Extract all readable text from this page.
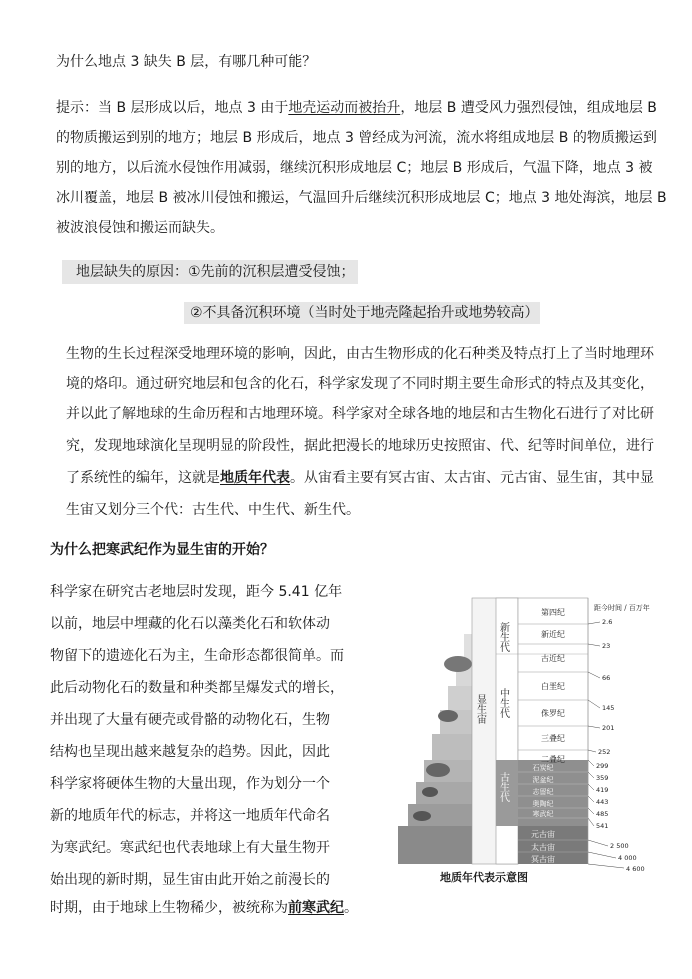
为什么地点 3 缺失 B 层，有哪几种可能？
提示：当 B 层形成以后，地点 3 由于地壳运动而被抬升，地层 B 遭受风力强烈侵蚀，组成地层 B
的物质搬运到别的地方；地层 B 形成后，地点 3 曾经成为河流，流水将组成地层 B 的物质搬运到
别的地方，以后流水侵蚀作用减弱，继续沉积形成地层 C；地层 B 形成后，气温下降，地点 3 被
冰川覆盖，地层 B 被冰川侵蚀和搬运，气温回升后继续沉积形成地层 C；地点 3 地处海滨，地层 B
被波浪侵蚀和搬运而缺失。
地层缺失的原因：①先前的沉积层遭受侵蚀；
②不具备沉积环境（当时处于地壳隆起抬升或地势较高）
生物的生长过程深受地理环境的影响，因此，由古生物形成的化石种类及特点打上了当时地理环
境的烙印。通过研究地层和包含的化石，科学家发现了不同时期主要生命形式的特点及其变化，
并以此了解地球的生命历程和古地理环境。科学家对全球各地的地层和古生物化石进行了对比研
究，发现地球演化呈现明显的阶段性，据此把漫长的地球历史按照宙、代、纪等时间单位，进行
了系统性的编年，这就是地质年代表。从宙看主要有冥古宙、太古宙、元古宙、显生宙，其中显
生宙又划分三个代：古生代、中生代、新生代。
为什么把寒武纪作为显生宙的开始？
科学家在研究古老地层时发现，距今 5.41 亿年
以前，地层中埋藏的化石以藻类化石和软体动
物留下的遗迹化石为主，生命形态都很简单。而
此后动物化石的数量和种类都呈爆发式的增长，
并出现了大量有硬壳或骨骼的动物化石，生物
结构也呈现出越来越复杂的趋势。因此，因此
科学家将硬体生物的大量出现，作为划分一个
新的地质年代的标志，并将这一地质年代命名
为寒武纪。寒武纪也代表地球上有大量生物开
始出现的新时期，显生宙由此开始之前漫长的
时期，由于地球上生物稀少，被统称为前寒武纪。
显生宙
新生代
中生代
古生代
第四纪
新近纪
古近纪
白垩纪
侏罗纪
三叠纪
二叠纪
石炭纪
泥盆纪
志留纪
奥陶纪
寒武纪
元古宙
太古宙
冥古宙
距今时间 / 百万年
2.6
23
66
145
201
252
299
359
419
443
485
541
2 500
4 000
4 600
地质年代表示意图
